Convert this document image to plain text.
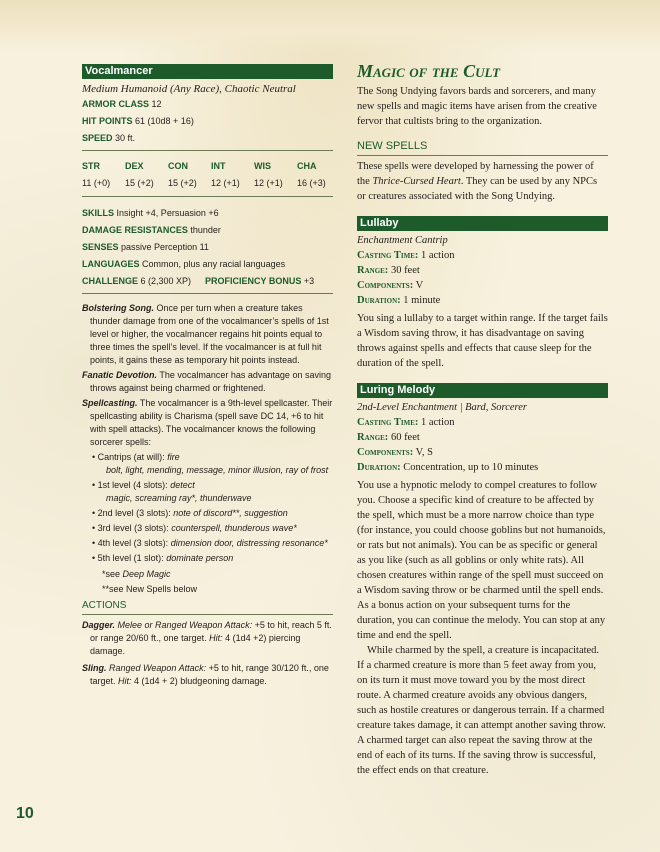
Vocalmancer
Medium Humanoid (Any Race), Chaotic Neutral
ARMOR CLASS 12
HIT POINTS 61 (10d8 + 16)
SPEED 30 ft.
STR
11 (+0)
DEX
15 (+2)
CON
15 (+2)
INT
12 (+1)
WIS
12 (+1)
CHA
16 (+3)
SKILLS Insight +4, Persuasion +6
DAMAGE RESISTANCES thunder
SENSES passive Perception 11
LANGUAGES Common, plus any racial languages
CHALLENGE 6 (2,300 XP)	PROFICIENCY BONUS +3
Bolstering Song. Once per turn when a creature takes thunder damage from one of the vocalmancer’s spells of 1st level or higher, the vocalmancer regains hit points equal to three times the spell’s level. If the vocalmancer is at full hit points, it gains these as temporary hit points instead.
Fanatic Devotion. The vocalmancer has advantage on saving throws against being charmed or frightened.
Spellcasting. The vocalmancer is a 9th-level spellcaster. Their spellcasting ability is Charisma (spell save DC 14, +6 to hit with spell attacks). The vocalmancer knows the following sorcerer spells:
• Cantrips (at will): fire
bolt, light, mending, message, minor illusion, ray of frost
• 1st level (4 slots): detect
magic, screaming ray*, thunderwave
• 2nd level (3 slots): note of discord**, suggestion
• 3rd level (3 slots): counterspell, thunderous wave*
• 4th level (3 slots): dimension door, distressing resonance*
• 5th level (1 slot): dominate person
*see Deep Magic
**see New Spells below
ACTIONS
Dagger. Melee or Ranged Weapon Attack: +5 to hit, reach 5 ft. or range 20/60 ft., one target. Hit: 4 (1d4 +2) piercing damage.
Sling. Ranged Weapon Attack: +5 to hit, range 30/120 ft., one target. Hit: 4 (1d4 + 2) bludgeoning damage.
Magic of the Cult
The Song Undying favors bards and sorcerers, and many new spells and magic items have arisen from the creative fervor that cultists bring to the organization.
NEW SPELLS
These spells were developed by harnessing the power of the Thrice-Cursed Heart. They can be used by any NPCs or creatures associated with the Song Undying.
Lullaby
Enchantment Cantrip
Casting Time: 1 action
Range: 30 feet
Components: V
Duration: 1 minute
You sing a lullaby to a target within range. If the target fails a Wisdom saving throw, it has disadvantage on saving throws against spells and effects that cause sleep for the duration of the spell.
Luring Melody
2nd-Level Enchantment | Bard, Sorcerer
Casting Time: 1 action
Range: 60 feet
Components: V, S
Duration: Concentration, up to 10 minutes
You use a hypnotic melody to compel creatures to follow you. Choose a specific kind of creature to be affected by the spell, which must be a more narrow choice than type (for instance, you could choose goblins but not humanoids, or rats but not animals). You can be as specific or general as you like (such as all goblins or only white rats). All chosen creatures within range of the spell must succeed on a Wisdom saving throw or be charmed until the spell ends.
As a bonus action on your subsequent turns for the duration, you can continue the melody. You can stop at any time and end the spell.
While charmed by the spell, a creature is incapacitated. If a charmed creature is more than 5 feet away from you, on its turn it must move toward you by the most direct route. A charmed creature avoids any obvious dangers, such as hostile creatures or dangerous terrain. If a charmed creature takes damage, it can attempt another saving throw. A charmed target can also repeat the saving throw at the end of each of its turns. If the saving throw is successful, the effect ends on that creature.
10
